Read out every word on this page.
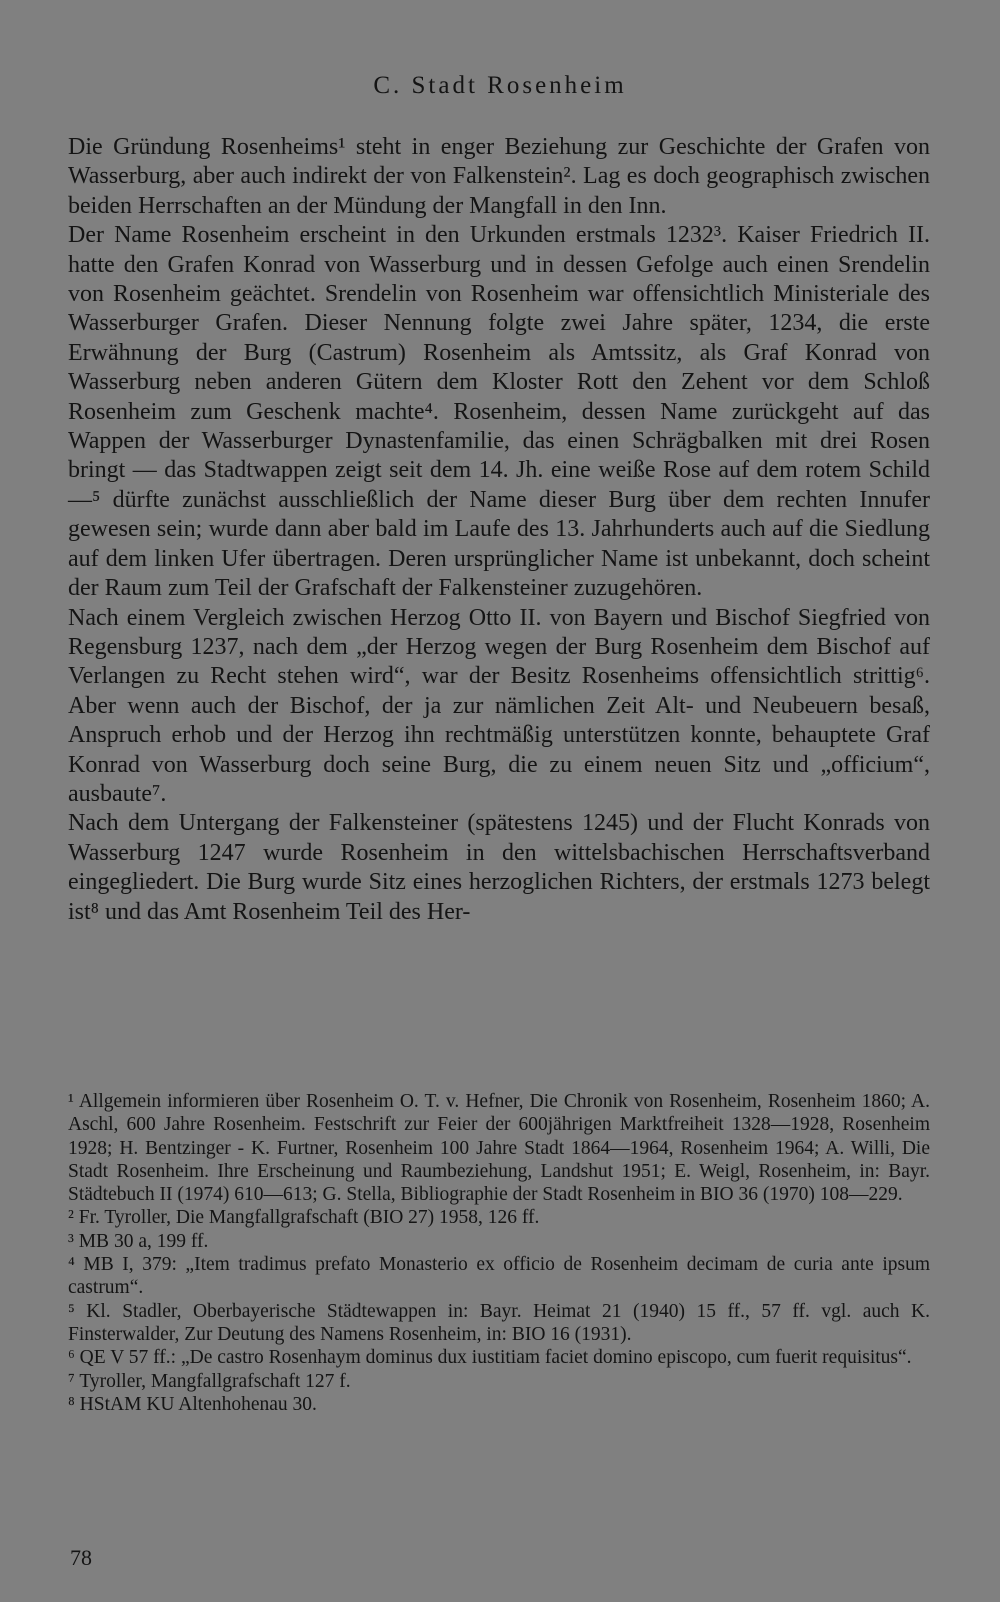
C. Stadt Rosenheim

Die Gründung Rosenheims¹ steht in enger Beziehung zur Geschichte der Grafen von Wasserburg, aber auch indirekt der von Falkenstein². Lag es doch geographisch zwischen beiden Herrschaften an der Mündung der Mangfall in den Inn.

Der Name Rosenheim erscheint in den Urkunden erstmals 1232³. Kaiser Friedrich II. hatte den Grafen Konrad von Wasserburg und in dessen Gefolge auch einen Srendelin von Rosenheim geächtet. Srendelin von Rosenheim war offensichtlich Ministeriale des Wasserburger Grafen. Dieser Nennung folgte zwei Jahre später, 1234, die erste Erwähnung der Burg (Castrum) Rosenheim als Amtssitz, als Graf Konrad von Wasserburg neben anderen Gütern dem Kloster Rott den Zehent vor dem Schloß Rosenheim zum Geschenk machte⁴. Rosenheim, dessen Name zurückgeht auf das Wappen der Wasserburger Dynastenfamilie, das einen Schrägbalken mit drei Rosen bringt — das Stadtwappen zeigt seit dem 14. Jh. eine weiße Rose auf dem rotem Schild —⁵ dürfte zunächst ausschließlich der Name dieser Burg über dem rechten Innufer gewesen sein; wurde dann aber bald im Laufe des 13. Jahrhunderts auch auf die Siedlung auf dem linken Ufer übertragen. Deren ursprünglicher Name ist unbekannt, doch scheint der Raum zum Teil der Grafschaft der Falkensteiner zuzugehören.

Nach einem Vergleich zwischen Herzog Otto II. von Bayern und Bischof Siegfried von Regensburg 1237, nach dem „der Herzog wegen der Burg Rosenheim dem Bischof auf Verlangen zu Recht stehen wird“, war der Besitz Rosenheims offensichtlich strittig⁶. Aber wenn auch der Bischof, der ja zur nämlichen Zeit Alt- und Neubeuern besaß, Anspruch erhob und der Herzog ihn rechtmäßig unterstützen konnte, behauptete Graf Konrad von Wasserburg doch seine Burg, die zu einem neuen Sitz und „officium“, ausbaute⁷.

Nach dem Untergang der Falkensteiner (spätestens 1245) und der Flucht Konrads von Wasserburg 1247 wurde Rosenheim in den wittelsbachischen Herrschaftsverband eingegliedert. Die Burg wurde Sitz eines herzoglichen Richters, der erstmals 1273 belegt ist⁸ und das Amt Rosenheim Teil des Her-

¹ Allgemein informieren über Rosenheim O. T. v. Hefner, Die Chronik von Rosenheim, Rosenheim 1860; A. Aschl, 600 Jahre Rosenheim. Festschrift zur Feier der 600jährigen Marktfreiheit 1328—1928, Rosenheim 1928; H. Bentzinger - K. Furtner, Rosenheim 100 Jahre Stadt 1864—1964, Rosenheim 1964; A. Willi, Die Stadt Rosenheim. Ihre Erscheinung und Raumbeziehung, Landshut 1951; E. Weigl, Rosenheim, in: Bayr. Städtebuch II (1974) 610—613; G. Stella, Bibliographie der Stadt Rosenheim in BIO 36 (1970) 108—229.

² Fr. Tyroller, Die Mangfallgrafschaft (BIO 27) 1958, 126 ff.

³ MB 30 a, 199 ff.

⁴ MB I, 379: „Item tradimus prefato Monasterio ex officio de Rosenheim decimam de curia ante ipsum castrum“.

⁵ Kl. Stadler, Oberbayerische Städtewappen in: Bayr. Heimat 21 (1940) 15 ff., 57 ff. vgl. auch K. Finsterwalder, Zur Deutung des Namens Rosenheim, in: BIO 16 (1931).

⁶ QE V 57 ff.: „De castro Rosenhaym dominus dux iustitiam faciet domino episcopo, cum fuerit requisitus“.

⁷ Tyroller, Mangfallgrafschaft 127 f.

⁸ HStAM KU Altenhohenau 30.

78
